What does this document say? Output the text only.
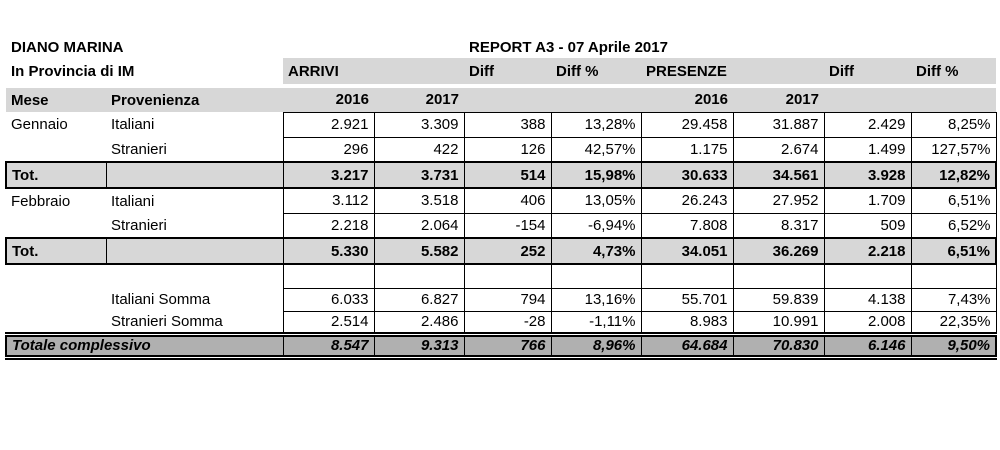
DIANO MARINA				REPORT A3 - 07 Aprile 2017					
In Provincia di IM		ARRIVI		Diff	Diff %	PRESENZE		Diff	Diff %

Mese	Provenienza	2016	2017			2016	2017		
Gennaio	Italiani	2.921	3.309	388	13,28%	29.458	31.887	2.429	8,25%
	Stranieri	296	422	126	42,57%	1.175	2.674	1.499	127,57%
Tot.		3.217	3.731	514	15,98%	30.633	34.561	3.928	12,82%
Febbraio	Italiani	3.112	3.518	406	13,05%	26.243	27.952	1.709	6,51%
	Stranieri	2.218	2.064	-154	-6,94%	7.808	8.317	509	6,52%
Tot.		5.330	5.582	252	4,73%	34.051	36.269	2.218	6,51%

	Italiani Somma	6.033	6.827	794	13,16%	55.701	59.839	4.138	7,43%
	Stranieri Somma	2.514	2.486	-28	-1,11%	8.983	10.991	2.008	22,35%
Totale complessivo		8.547	9.313	766	8,96%	64.684	70.830	6.146	9,50%
